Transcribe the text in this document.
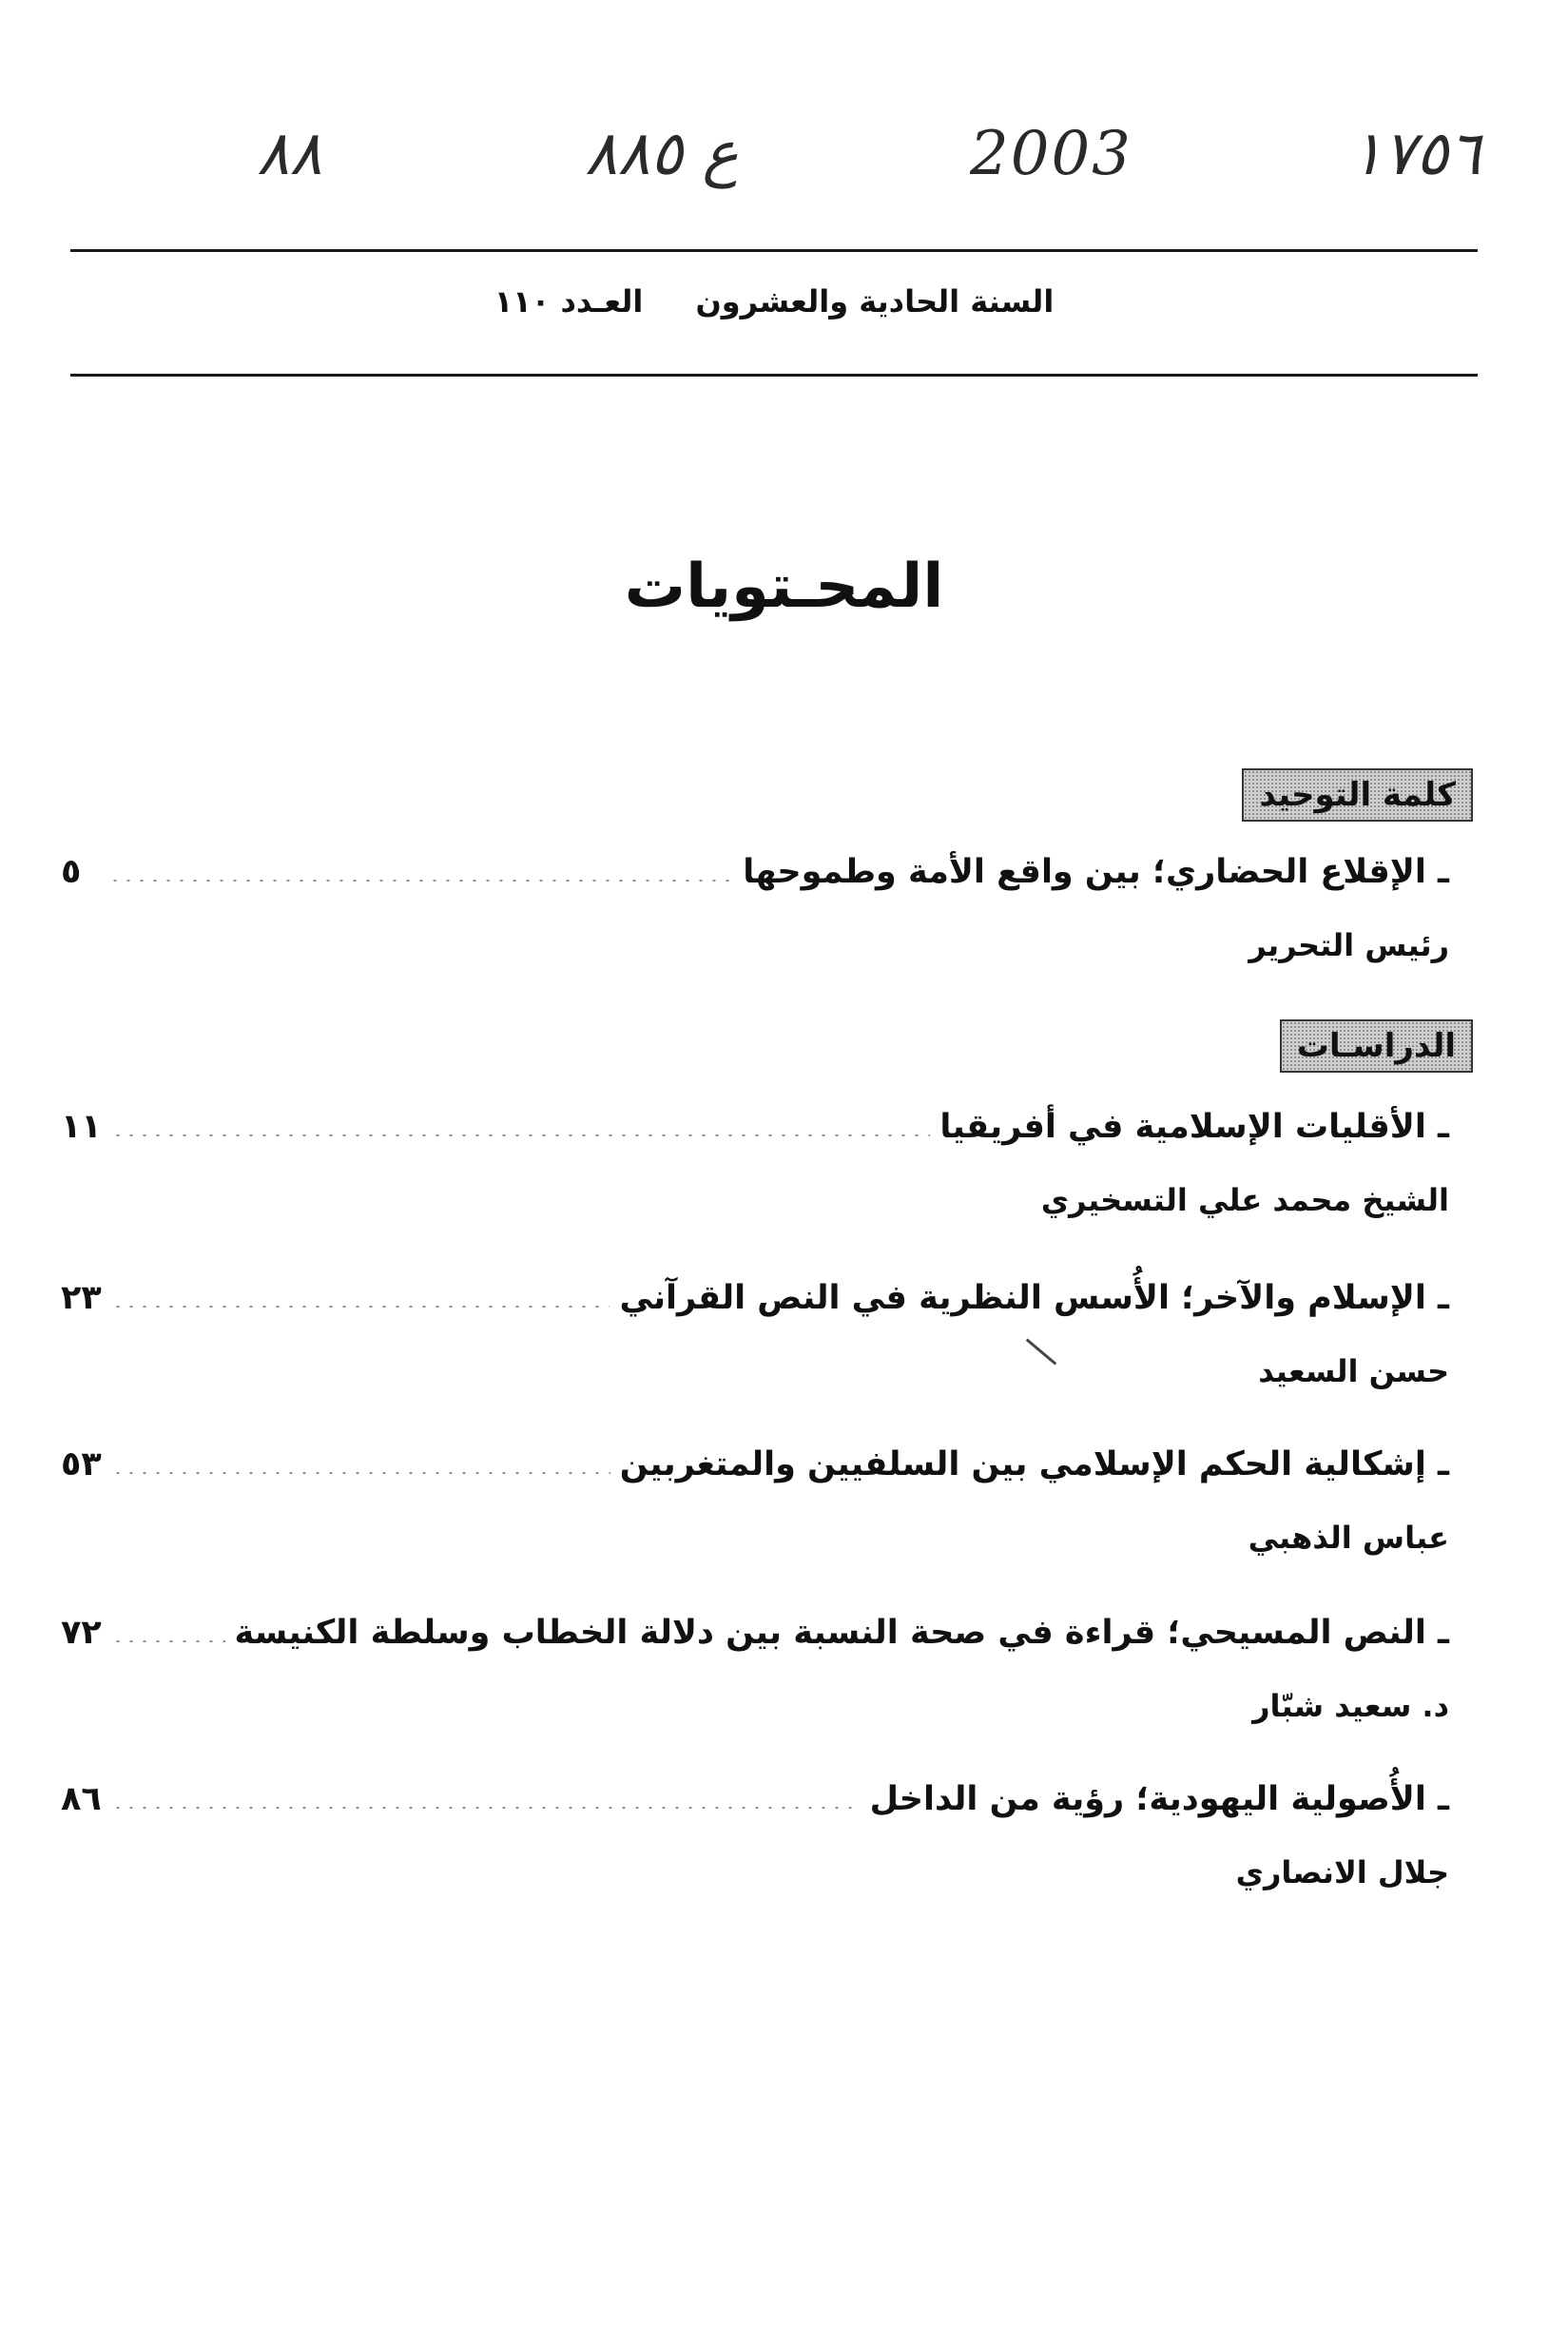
١٧٥٦
2003
ع ٨٨٥
٨٨
السنة الحادية والعشرون العـدد ١١٠
المحـتويات
كلمة التوحيد
ـ الإقلاع الحضاري؛ بين واقع الأمة وطموحها
٥
رئيس التحرير
الدراسـات
ـ الأقليات الإسلامية في أفريقيا
١١
الشيخ محمد علي التسخيري
ـ الإسلام والآخر؛ الأُسس النظرية في النص القرآني
٢٣
حسن السعيد
ـ إشكالية الحكم الإسلامي بين السلفيين والمتغربين
٥٣
عباس الذهبي
ـ النص المسيحي؛ قراءة في صحة النسبة بين دلالة الخطاب وسلطة الكنيسة
٧٢
د. سعيد شبّار
ـ الأُصولية اليهودية؛ رؤية من الداخل
٨٦
جلال الانصاري
